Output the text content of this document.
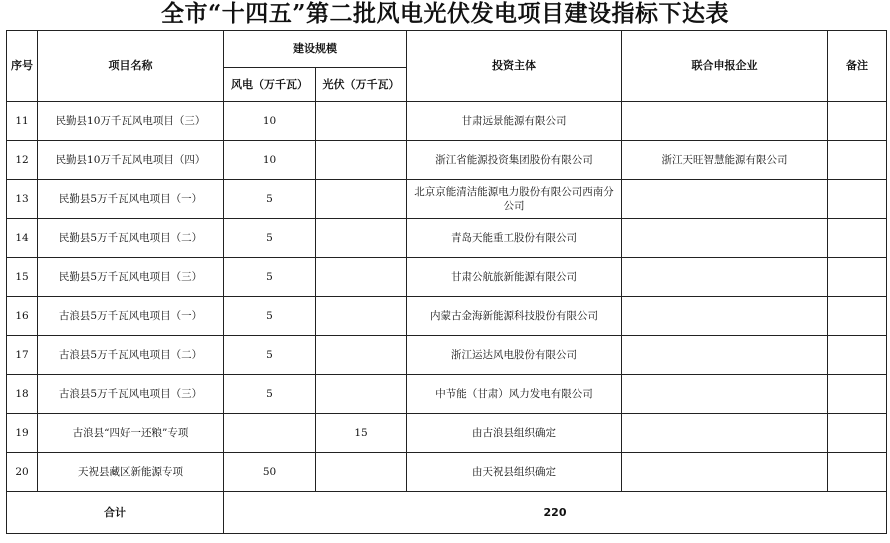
全市“十四五”第二批风电光伏发电项目建设指标下达表
序号	项目名称	建设规模		投资主体	联合申报企业	备注
		风电（万千瓦）	光伏（万千瓦）			
11	民勤县10万千瓦风电项目（三）	10		甘肃远景能源有限公司		
12	民勤县10万千瓦风电项目（四）	10		浙江省能源投资集团股份有限公司	浙江天旺智慧能源有限公司	
13	民勤县5万千瓦风电项目（一）	5		北京京能清洁能源电力股份有限公司西南分公司		
14	民勤县5万千瓦风电项目（二）	5		青岛天能重工股份有限公司		
15	民勤县5万千瓦风电项目（三）	5		甘肃公航旅新能源有限公司		
16	古浪县5万千瓦风电项目（一）	5		内蒙古金海新能源科技股份有限公司		
17	古浪县5万千瓦风电项目（二）	5		浙江运达风电股份有限公司		
18	古浪县5万千瓦风电项目（三）	5		中节能（甘肃）风力发电有限公司		
19	古浪县“四好一还粮”专项		15	由古浪县组织确定		
20	天祝县藏区新能源专项	50		由天祝县组织确定		
合计		220				
